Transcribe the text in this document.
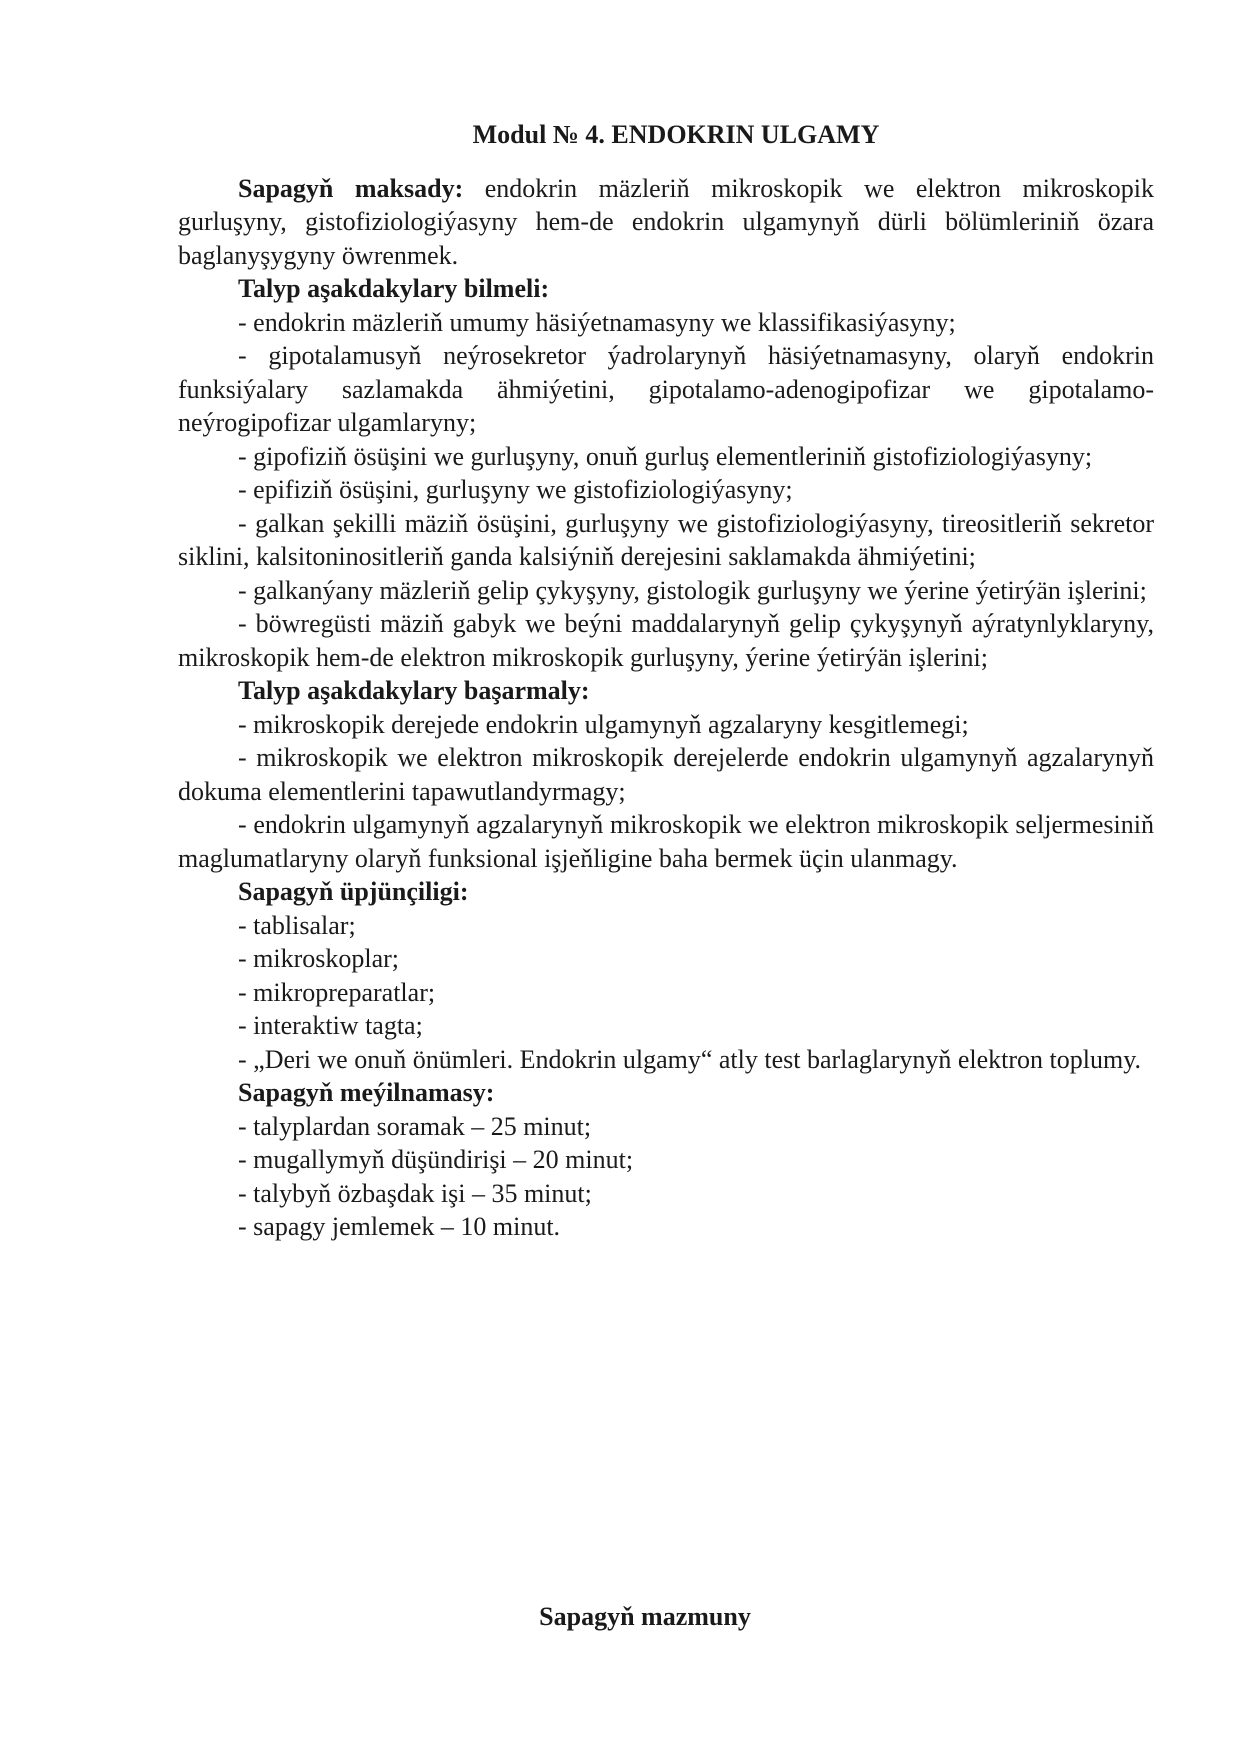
Modul № 4. ENDOKRIN ULGAMY

Sapagyň maksady: endokrin mäzleriň mikroskopik we elektron mikroskopik gurluşyny, gistofiziologiýasyny hem-de endokrin ulgamynyň dürli bölümleriniň özara baglanyşygyny öwrenmek.

Talyp aşakdakylary bilmeli:

- endokrin mäzleriň umumy häsiýetnamasyny we klassifikasiýasyny;

- gipotalamusyň neýrosekretor ýadrolarynyň häsiýetnamasyny, olaryň endokrin funksiýalary sazlamakda ähmiýetini, gipotalamo-adenogipofizar we gipotalamo-neýrogipofizar ulgamlaryny;

- gipofiziň ösüşini we gurluşyny, onuň gurluş elementleriniň gistofiziologiýasyny;

- epifiziň ösüşini, gurluşyny we gistofiziologiýasyny;

- galkan şekilli mäziň ösüşini, gurluşyny we gistofiziologiýasyny, tireositleriň sekretor siklini, kalsitoninositleriň ganda kalsiýniň derejesini saklamakda ähmiýetini;

- galkanýany mäzleriň gelip çykyşyny, gistologik gurluşyny we ýerine ýetirýän işlerini;

- böwregüsti mäziň gabyk we beýni maddalarynyň gelip çykyşynyň aýratynlyklaryny, mikroskopik hem-de elektron mikroskopik gurluşyny, ýerine ýetirýän işlerini;

Talyp aşakdakylary başarmaly:

- mikroskopik derejede endokrin ulgamynyň agzalaryny kesgitlemegi;

- mikroskopik we elektron mikroskopik derejelerde endokrin ulgamynyň agzalarynyň dokuma elementlerini tapawutlandyrmagy;

- endokrin ulgamynyň agzalarynyň mikroskopik we elektron mikroskopik seljermesiniň maglumatlaryny olaryň funksional işjeňligine baha bermek üçin ulanmagy.

Sapagyň üpjünçiligi:

- tablisalar;

- mikroskoplar;

- mikropreparatlar;

- interaktiw tagta;

- „Deri we onuň önümleri. Endokrin ulgamy“ atly test barlaglarynyň elektron toplumy.

Sapagyň meýilnamasy:

- talyplardan soramak – 25 minut;

- mugallymyň düşündirişi – 20 minut;

- talybyň özbaşdak işi – 35 minut;

- sapagy jemlemek – 10 minut.

Sapagyň mazmuny
